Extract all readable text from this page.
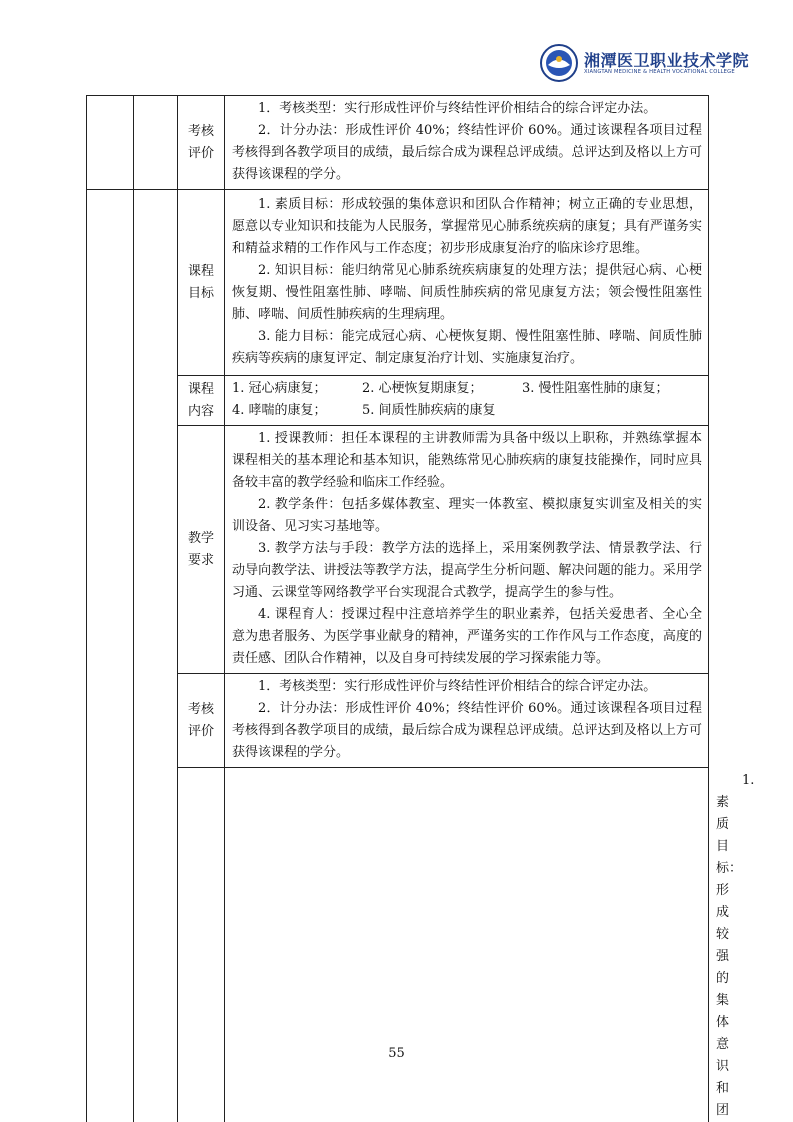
湘潭医卫职业技术学院
XIANGTAN MEDICINE & HEALTH VOCATIONAL COLLEGE
		考核评价	1．考核类型：实行形成性评价与终结性评价相结合的综合评定办法。
2．计分办法：形成性评价 40%；终结性评价 60%。通过该课程各项目过程考核得到各教学项目的成绩，最后综合成为课程总评成绩。总评达到及格以上方可获得该课程的学分。	

		课程目标	1. 素质目标：形成较强的集体意识和团队合作精神；树立正确的专业思想，愿意以专业知识和技能为人民服务，掌握常见心肺系统疾病的康复；具有严谨务实和精益求精的工作作风与工作态度；初步形成康复治疗的临床诊疗思维。
2. 知识目标：能归纳常见心肺系统疾病康复的处理方法；提供冠心病、心梗恢复期、慢性阻塞性肺、哮喘、间质性肺疾病的常见康复方法；领会慢性阻塞性肺、哮喘、间质性肺疾病的生理病理。
3. 能力目标：能完成冠心病、心梗恢复期、慢性阻塞性肺、哮喘、间质性肺疾病等疾病的康复评定、制定康复治疗计划、实施康复治疗。	

		课程内容	1. 冠心病康复； 2. 心梗恢复期康复； 3. 慢性阻塞性肺的康复；
4. 哮喘的康复； 5. 间质性肺疾病的康复	

		教学要求	1. 授课教师：担任本课程的主讲教师需为具备中级以上职称，并熟练掌握本课程相关的基本理论和基本知识，能熟练常见心肺疾病的康复技能操作，同时应具备较丰富的教学经验和临床工作经验。
2. 教学条件：包括多媒体教室、理实一体教室、模拟康复实训室及相关的实训设备、见习实习基地等。
3. 教学方法与手段：教学方法的选择上，采用案例教学法、情景教学法、行动导向教学法、讲授法等教学方法，提高学生分析问题、解决问题的能力。采用学习通、云课堂等网络教学平台实现混合式教学，提高学生的参与性。
4. 课程育人：授课过程中注意培养学生的职业素养，包括关爱患者、全心全意为患者服务、为医学事业献身的精神，严谨务实的工作作风与工作态度，高度的责任感、团队合作精神，以及自身可持续发展的学习探索能力等。	

		考核评价	1．考核类型：实行形成性评价与终结性评价相结合的综合评定办法。
2．计分办法：形成性评价 40%；终结性评价 60%。通过该课程各项目过程考核得到各教学项目的成绩，最后综合成为课程总评成绩。总评达到及格以上方可获得该课程的学分。	

1. 素质目标：形成较强的集体意识和团

55
